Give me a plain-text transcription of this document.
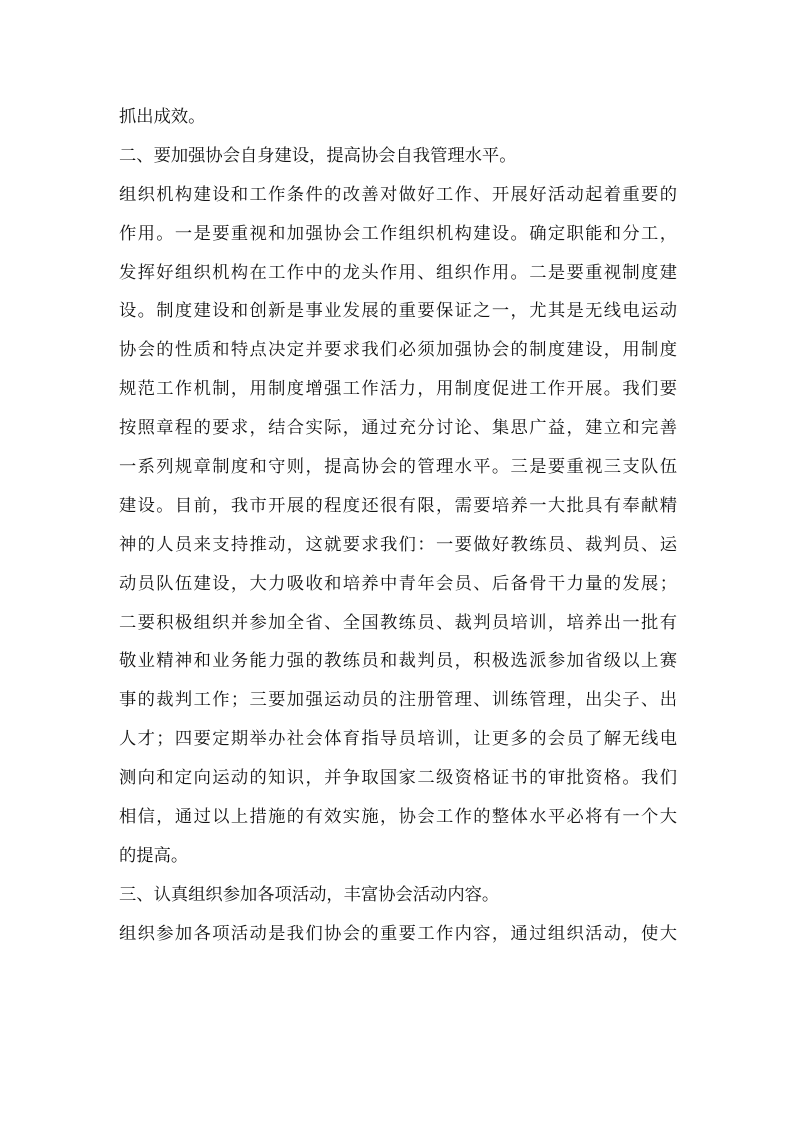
抓出成效。

二、要加强协会自身建设，提高协会自我管理水平。

组织机构建设和工作条件的改善对做好工作、开展好活动起着重要的
作用。一是要重视和加强协会工作组织机构建设。确定职能和分工，
发挥好组织机构在工作中的龙头作用、组织作用。二是要重视制度建
设。制度建设和创新是事业发展的重要保证之一，尤其是无线电运动
协会的性质和特点决定并要求我们必须加强协会的制度建设，用制度
规范工作机制，用制度增强工作活力，用制度促进工作开展。我们要
按照章程的要求，结合实际，通过充分讨论、集思广益，建立和完善
一系列规章制度和守则，提高协会的管理水平。三是要重视三支队伍
建设。目前，我市开展的程度还很有限，需要培养一大批具有奉献精
神的人员来支持推动，这就要求我们：一要做好教练员、裁判员、运
动员队伍建设，大力吸收和培养中青年会员、后备骨干力量的发展；
二要积极组织并参加全省、全国教练员、裁判员培训，培养出一批有
敬业精神和业务能力强的教练员和裁判员，积极选派参加省级以上赛
事的裁判工作；三要加强运动员的注册管理、训练管理，出尖子、出
人才；四要定期举办社会体育指导员培训，让更多的会员了解无线电
测向和定向运动的知识，并争取国家二级资格证书的审批资格。我们
相信，通过以上措施的有效实施，协会工作的整体水平必将有一个大
的提高。

三、认真组织参加各项活动，丰富协会活动内容。

组织参加各项活动是我们协会的重要工作内容，通过组织活动，使大
